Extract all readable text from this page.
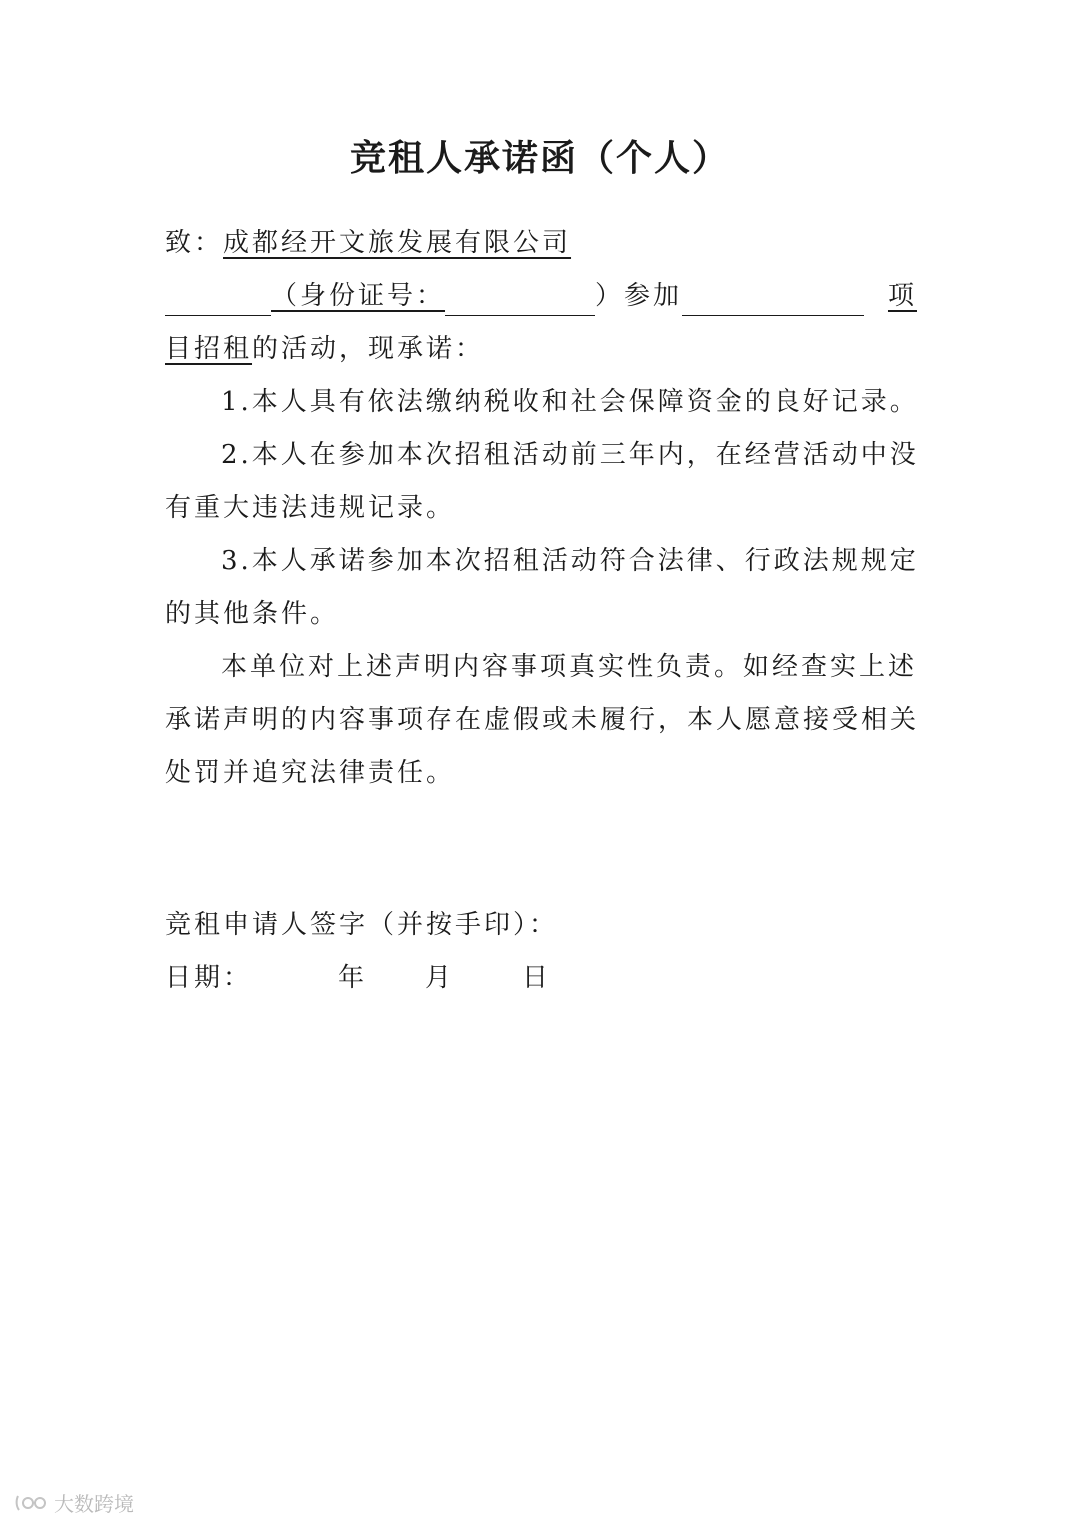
竞租人承诺函（个人）
致：成都经开文旅发展有限公司
（身份证号：	）参加	项
目招租的活动，现承诺：
1.本人具有依法缴纳税收和社会保障资金的良好记录。
2.本人在参加本次招租活动前三年内，在经营活动中没
有重大违法违规记录。
3.本人承诺参加本次招租活动符合法律、行政法规规定
的其他条件。
本单位对上述声明内容事项真实性负责。如经查实上述
承诺声明的内容事项存在虚假或未履行，本人愿意接受相关
处罚并追究法律责任。
竞租申请人签字（并按手印）：
日期：	年 月	日
大数跨境
